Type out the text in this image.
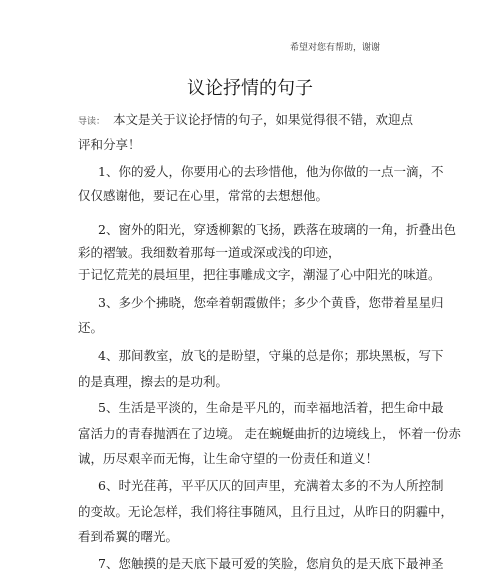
希望对您有帮助，谢谢
议论抒情的句子
导读： 本文是关于议论抒情的句子，如果觉得很不错，欢迎点
评和分享！
1、你的爱人，你要用心的去珍惜他，他为你做的一点一滴，不
仅仅感谢他，要记在心里，常常的去想想他。
2、窗外的阳光，穿透柳絮的飞扬，跌落在玻璃的一角，折叠出色
彩的褶皱。我细数着那每一道或深或浅的印迹，
于记忆荒芜的晨垣里，把往事雕成文字，潮湿了心中阳光的味道。
3、多少个拂晓，您牵着朝霞傲伴；多少个黄昏，您带着星星归
还。
4、那间教室，放飞的是盼望，守巢的总是你；那块黑板，写下
的是真理，擦去的是功利。
5、生活是平淡的，生命是平凡的，而幸福地活着，把生命中最
富活力的青春抛洒在了边境。 走在蜿蜒曲折的边境线上， 怀着一份赤
诚，历尽艰辛而无悔，让生命守望的一份责任和道义！
6、时光荏苒，平平仄仄的回声里，充满着太多的不为人所控制
的变故。无论怎样，我们将往事随风，且行且过，从昨日的阴霾中，
看到希翼的曙光。
7、您触摸的是天底下最可爱的笑脸，您肩负的是天底下最神圣
